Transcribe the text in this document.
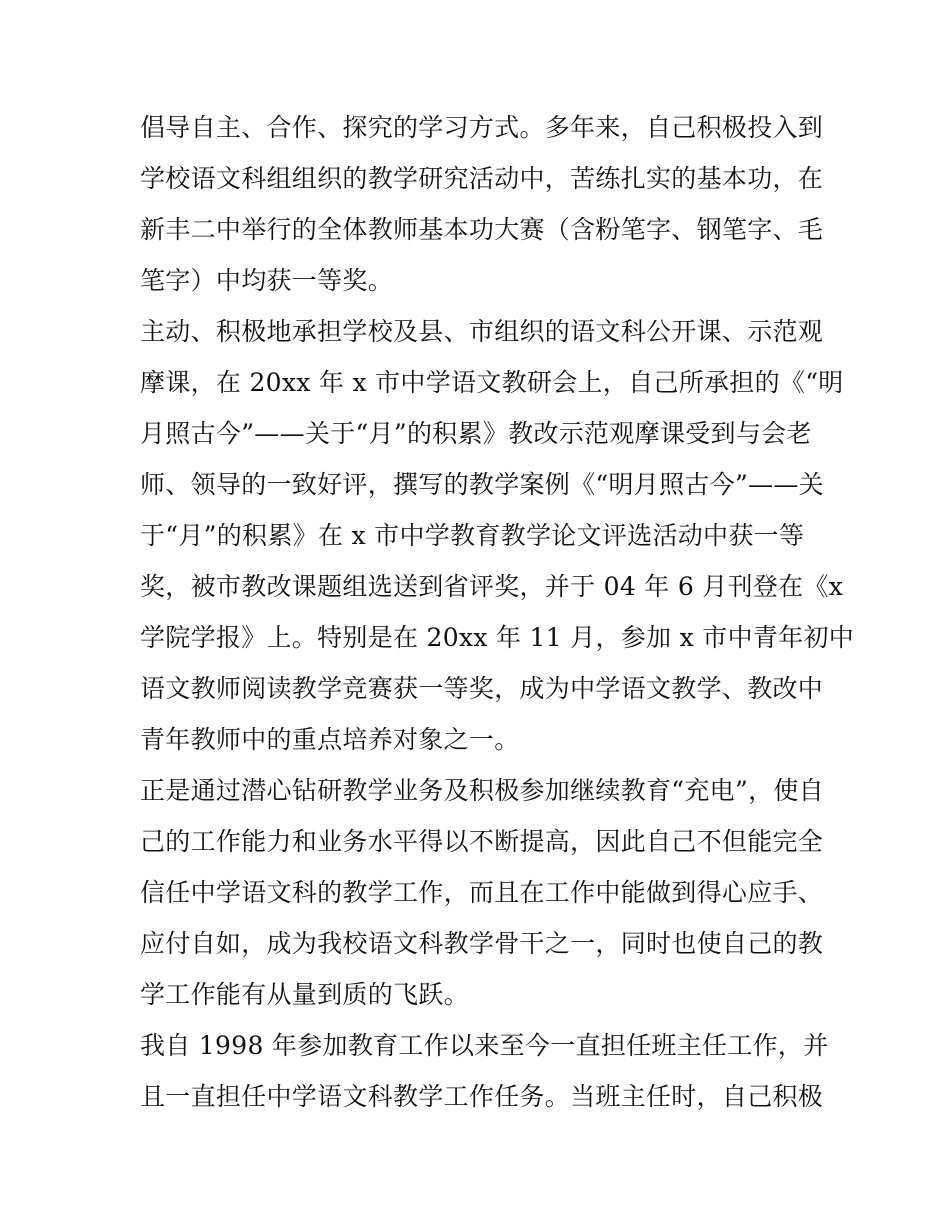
倡导自主、合作、探究的学习方式。多年来，自己积极投入到
学校语文科组组织的教学研究活动中，苦练扎实的基本功，在
新丰二中举行的全体教师基本功大赛（含粉笔字、钢笔字、毛
笔字）中均获一等奖。
主动、积极地承担学校及县、市组织的语文科公开课、示范观
摩课，在 20xx 年 x 市中学语文教研会上，自己所承担的《“明
月照古今”——关于“月”的积累》教改示范观摩课受到与会老
师、领导的一致好评，撰写的教学案例《“明月照古今”——关
于“月”的积累》在 x 市中学教育教学论文评选活动中获一等
奖，被市教改课题组选送到省评奖，并于 04 年 6 月刊登在《x
学院学报》上。特别是在 20xx 年 11 月，参加 x 市中青年初中
语文教师阅读教学竞赛获一等奖，成为中学语文教学、教改中
青年教师中的重点培养对象之一。
正是通过潜心钻研教学业务及积极参加继续教育“充电”，使自
己的工作能力和业务水平得以不断提高，因此自己不但能完全
信任中学语文科的教学工作，而且在工作中能做到得心应手、
应付自如，成为我校语文科教学骨干之一，同时也使自己的教
学工作能有从量到质的飞跃。
我自 1998 年参加教育工作以来至今一直担任班主任工作，并
且一直担任中学语文科教学工作任务。当班主任时，自己积极
